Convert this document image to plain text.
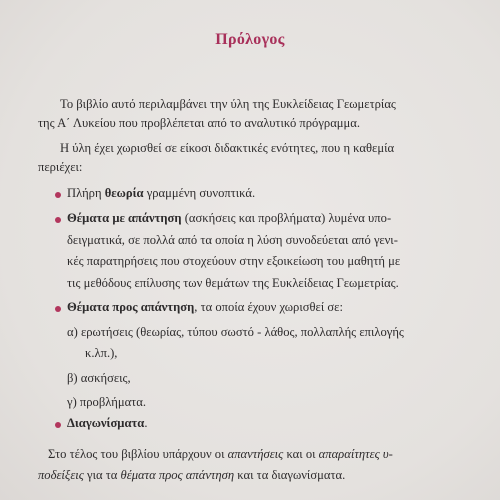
Πρόλογος
Το βιβλίο αυτό περιλαμβάνει την ύλη της Ευκλείδειας Γεωμετρίας
της Α΄ Λυκείου που προβλέπεται από το αναλυτικό πρόγραμμα.
Η ύλη έχει χωρισθεί σε είκοσι διδακτικές ενότητες, που η καθεμία
περιέχει:
Πλήρη θεωρία γραμμένη συνοπτικά.
Θέματα με απάντηση (ασκήσεις και προβλήματα) λυμένα υπο-
δειγματικά, σε πολλά από τα οποία η λύση συνοδεύεται από γενι-
κές παρατηρήσεις που στοχεύουν στην εξοικείωση του μαθητή με
τις μεθόδους επίλυσης των θεμάτων της Ευκλείδειας Γεωμετρίας.
Θέματα προς απάντηση, τα οποία έχουν χωρισθεί σε:
α) ερωτήσεις (θεωρίας, τύπου σωστό - λάθος, πολλαπλής επιλογής
κ.λπ.),
β) ασκήσεις,
γ) προβλήματα.
Διαγωνίσματα.
Στο τέλος του βιβλίου υπάρχουν οι απαντήσεις και οι απαραίτητες υ-
ποδείξεις για τα θέματα προς απάντηση και τα διαγωνίσματα.
